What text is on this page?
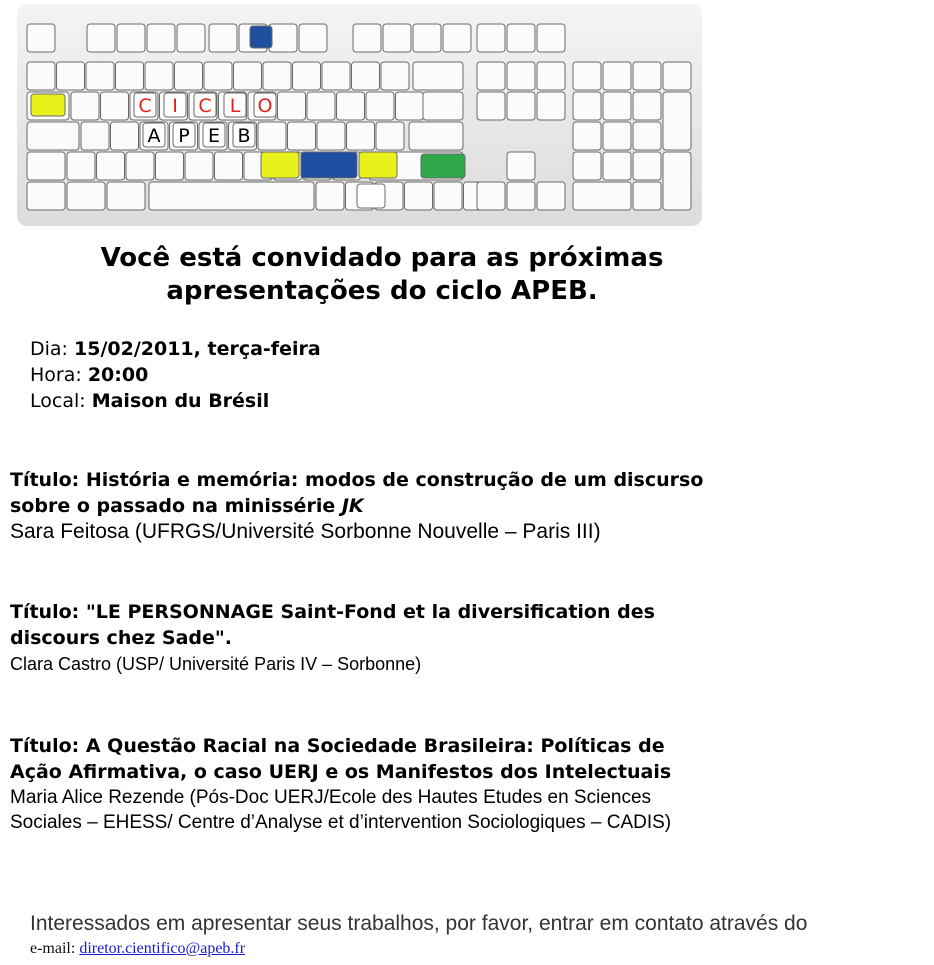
C I C L O
A P E B
Você está convidado para as próximas
apresentações do ciclo APEB.
Dia: 15/02/2011, terça-feira
Hora: 20:00
Local: Maison du Brésil
Título: História e memória: modos de construção de um discurso
sobre o passado na minissérie JK
Sara Feitosa (UFRGS/Université Sorbonne Nouvelle – Paris III)
Título: "LE PERSONNAGE Saint-Fond et la diversification des
discours chez Sade".
Clara Castro (USP/ Université Paris IV – Sorbonne)
Título: A Questão Racial na Sociedade Brasileira: Políticas de
Ação Afirmativa, o caso UERJ e os Manifestos dos Intelectuais
Maria Alice Rezende (Pós-Doc UERJ/Ecole des Hautes Etudes en Sciences Sociales – EHESS/ Centre d’Analyse et d’intervention Sociologiques – CADIS)
Interessados em apresentar seus trabalhos, por favor, entrar em contato através do
e-mail: diretor.cientifico@apeb.fr
